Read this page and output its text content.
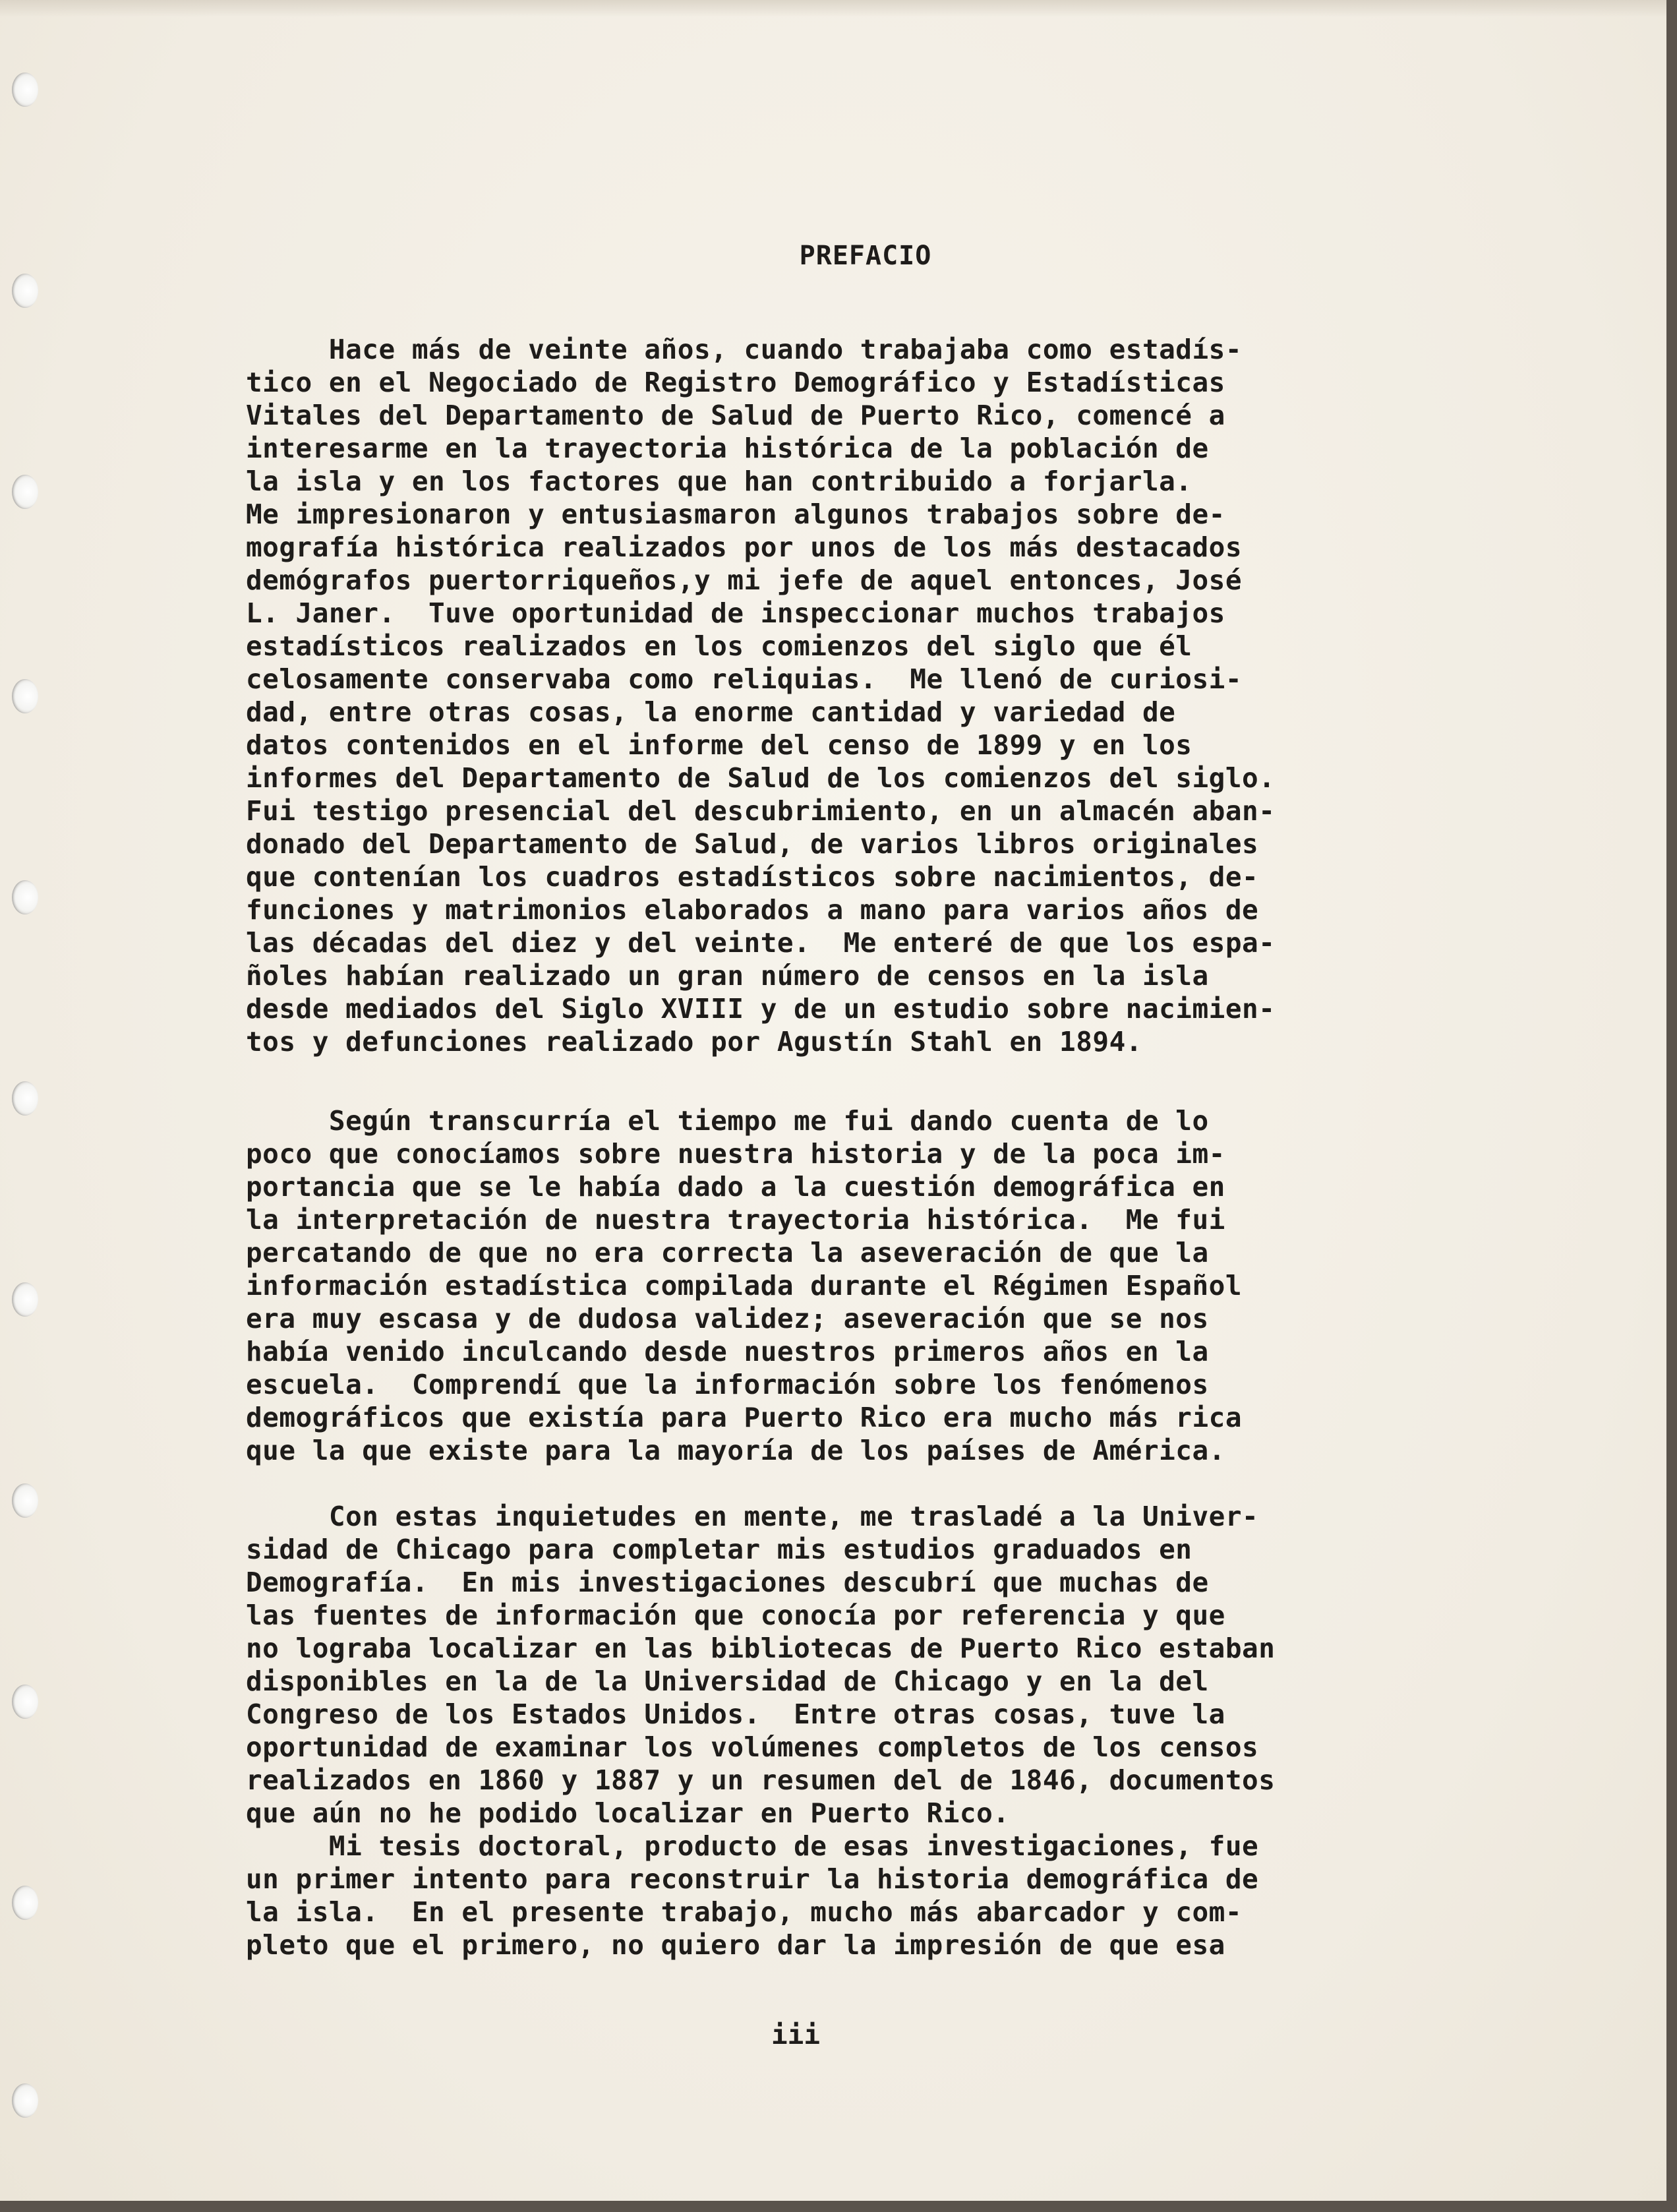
PREFACIO

Hace más de veinte años, cuando trabajaba como estadís-
tico en el Negociado de Registro Demográfico y Estadísticas
Vitales del Departamento de Salud de Puerto Rico, comencé a
interesarme en la trayectoria histórica de la población de
la isla y en los factores que han contribuido a forjarla.
Me impresionaron y entusiasmaron algunos trabajos sobre de-
mografía histórica realizados por unos de los más destacados
demógrafos puertorriqueños,y mi jefe de aquel entonces, José
L. Janer.  Tuve oportunidad de inspeccionar muchos trabajos
estadísticos realizados en los comienzos del siglo que él
celosamente conservaba como reliquias.  Me llenó de curiosi-
dad, entre otras cosas, la enorme cantidad y variedad de
datos contenidos en el informe del censo de 1899 y en los
informes del Departamento de Salud de los comienzos del siglo.
Fui testigo presencial del descubrimiento, en un almacén aban-
donado del Departamento de Salud, de varios libros originales
que contenían los cuadros estadísticos sobre nacimientos, de-
funciones y matrimonios elaborados a mano para varios años de
las décadas del diez y del veinte.  Me enteré de que los espa-
ñoles habían realizado un gran número de censos en la isla
desde mediados del Siglo XVIII y de un estudio sobre nacimien-
tos y defunciones realizado por Agustín Stahl en 1894.

Según transcurría el tiempo me fui dando cuenta de lo
poco que conocíamos sobre nuestra historia y de la poca im-
portancia que se le había dado a la cuestión demográfica en
la interpretación de nuestra trayectoria histórica.  Me fui
percatando de que no era correcta la aseveración de que la
información estadística compilada durante el Régimen Español
era muy escasa y de dudosa validez; aseveración que se nos
había venido inculcando desde nuestros primeros años en la
escuela.  Comprendí que la información sobre los fenómenos
demográficos que existía para Puerto Rico era mucho más rica
que la que existe para la mayoría de los países de América.

Con estas inquietudes en mente, me trasladé a la Univer-
sidad de Chicago para completar mis estudios graduados en
Demografía.  En mis investigaciones descubrí que muchas de
las fuentes de información que conocía por referencia y que
no lograba localizar en las bibliotecas de Puerto Rico estaban
disponibles en la de la Universidad de Chicago y en la del
Congreso de los Estados Unidos.  Entre otras cosas, tuve la
oportunidad de examinar los volúmenes completos de los censos
realizados en 1860 y 1887 y un resumen del de 1846, documentos
que aún no he podido localizar en Puerto Rico.

Mi tesis doctoral, producto de esas investigaciones, fue
un primer intento para reconstruir la historia demográfica de
la isla.  En el presente trabajo, mucho más abarcador y com-
pleto que el primero, no quiero dar la impresión de que esa

iii
